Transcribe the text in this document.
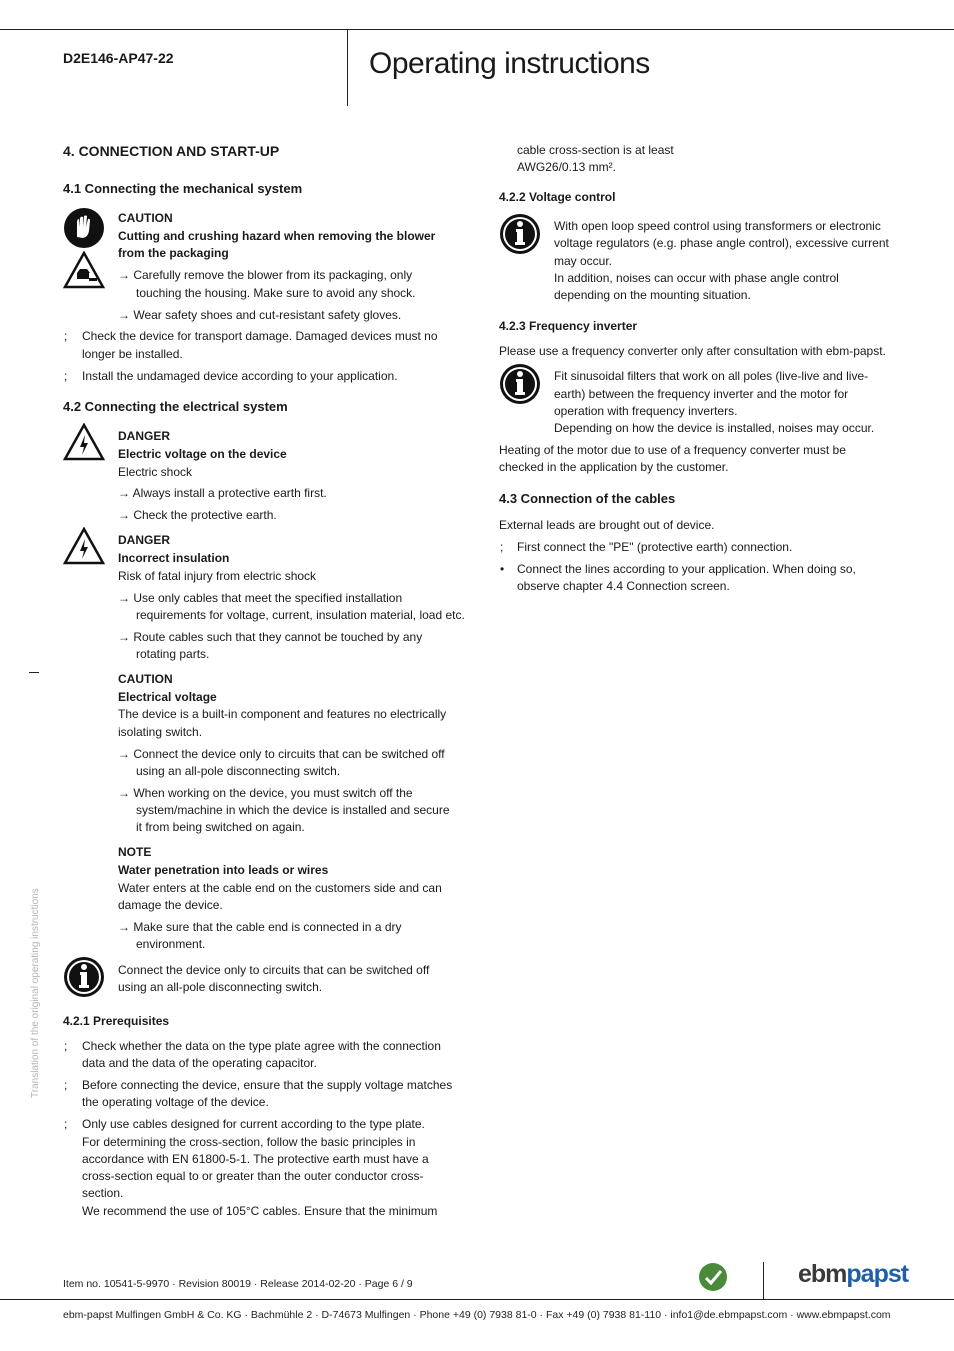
D2E146-AP47-22	Operating instructions
Translation of the original operating instructions
4. CONNECTION AND START-UP
4.1 Connecting the mechanical system
CAUTION
Cutting and crushing hazard when removing the blower
from the packaging
→ Carefully remove the blower from its packaging, only
touching the housing. Make sure to avoid any shock.
→ Wear safety shoes and cut-resistant safety gloves.
; Check the device for transport damage. Damaged devices must no
longer be installed.
; Install the undamaged device according to your application.
4.2 Connecting the electrical system
DANGER
Electric voltage on the device
Electric shock
→ Always install a protective earth first.
→ Check the protective earth.
DANGER
Incorrect insulation
Risk of fatal injury from electric shock
→ Use only cables that meet the specified installation
requirements for voltage, current, insulation material, load etc.
→ Route cables such that they cannot be touched by any
rotating parts.
CAUTION
Electrical voltage
The device is a built-in component and features no electrically
isolating switch.
→ Connect the device only to circuits that can be switched off
using an all-pole disconnecting switch.
→ When working on the device, you must switch off the
system/machine in which the device is installed and secure
it from being switched on again.
NOTE
Water penetration into leads or wires
Water enters at the cable end on the customers side and can
damage the device.
→ Make sure that the cable end is connected in a dry
environment.
Connect the device only to circuits that can be switched off
using an all-pole disconnecting switch.
4.2.1 Prerequisites
; Check whether the data on the type plate agree with the connection
data and the data of the operating capacitor.
; Before connecting the device, ensure that the supply voltage matches
the operating voltage of the device.
; Only use cables designed for current according to the type plate.
For determining the cross-section, follow the basic principles in
accordance with EN 61800-5-1. The protective earth must have a
cross-section equal to or greater than the outer conductor cross-
section.
We recommend the use of 105°C cables. Ensure that the minimum
cable cross-section is at least
AWG26/0.13 mm².
4.2.2 Voltage control
With open loop speed control using transformers or electronic
voltage regulators (e.g. phase angle control), excessive current
may occur.
In addition, noises can occur with phase angle control
depending on the mounting situation.
4.2.3 Frequency inverter
Please use a frequency converter only after consultation with ebm-papst.
Fit sinusoidal filters that work on all poles (live-live and live-
earth) between the frequency inverter and the motor for
operation with frequency inverters.
Depending on how the device is installed, noises may occur.
Heating of the motor due to use of a frequency converter must be
checked in the application by the customer.
4.3 Connection of the cables
External leads are brought out of device.
; First connect the "PE" (protective earth) connection.
• Connect the lines according to your application. When doing so,
observe chapter 4.4 Connection screen.
Item no. 10541-5-9970 · Revision 80019 · Release 2014-02-20 · Page 6 / 9	ebmpapst
ebm-papst Mulfingen GmbH & Co. KG · Bachmühle 2 · D-74673 Mulfingen · Phone +49 (0) 7938 81-0 · Fax +49 (0) 7938 81-110 · info1@de.ebmpapst.com · www.ebmpapst.com
